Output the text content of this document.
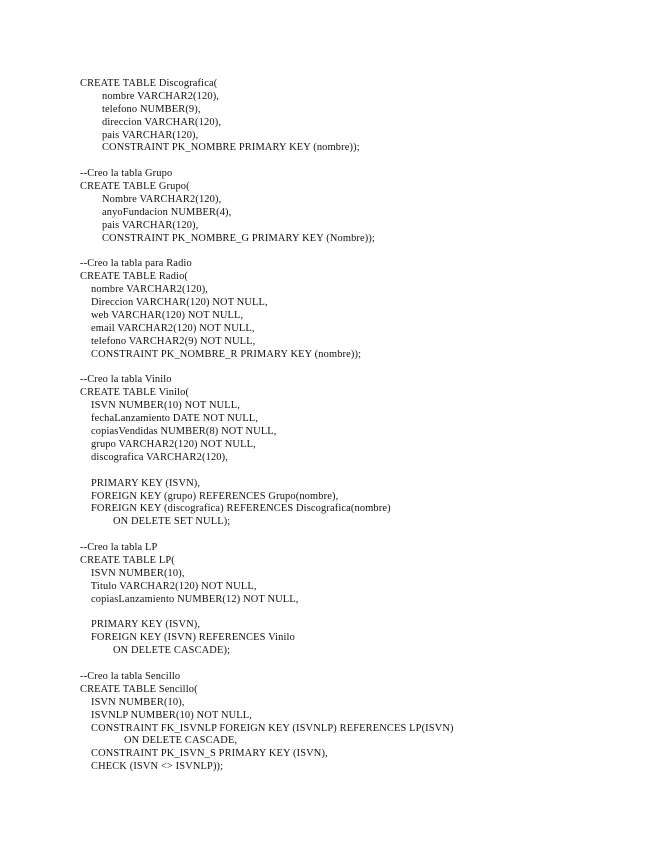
CREATE TABLE Discografica(
nombre VARCHAR2(120),
telefono NUMBER(9),
direccion VARCHAR(120),
pais VARCHAR(120),
CONSTRAINT PK_NOMBRE PRIMARY KEY (nombre));
--Creo la tabla Grupo
CREATE TABLE Grupo(
Nombre VARCHAR2(120),
anyoFundacion NUMBER(4),
pais VARCHAR(120),
CONSTRAINT PK_NOMBRE_G PRIMARY KEY (Nombre));
--Creo la tabla para Radio
CREATE TABLE Radio(
nombre VARCHAR2(120),
Direccion VARCHAR(120) NOT NULL,
web VARCHAR(120) NOT NULL,
email VARCHAR2(120) NOT NULL,
telefono VARCHAR2(9) NOT NULL,
CONSTRAINT PK_NOMBRE_R PRIMARY KEY (nombre));
--Creo la tabla Vinilo
CREATE TABLE Vinilo(
ISVN NUMBER(10) NOT NULL,
fechaLanzamiento DATE NOT NULL,
copiasVendidas NUMBER(8) NOT NULL,
grupo VARCHAR2(120) NOT NULL,
discografica VARCHAR2(120),
PRIMARY KEY (ISVN),
FOREIGN KEY (grupo) REFERENCES Grupo(nombre),
FOREIGN KEY (discografica) REFERENCES Discografica(nombre)
ON DELETE SET NULL);
--Creo la tabla LP
CREATE TABLE LP(
ISVN NUMBER(10),
Titulo VARCHAR2(120) NOT NULL,
copiasLanzamiento NUMBER(12) NOT NULL,
PRIMARY KEY (ISVN),
FOREIGN KEY (ISVN) REFERENCES Vinilo
ON DELETE CASCADE);
--Creo la tabla Sencillo
CREATE TABLE Sencillo(
ISVN NUMBER(10),
ISVNLP NUMBER(10) NOT NULL,
CONSTRAINT FK_ISVNLP FOREIGN KEY (ISVNLP) REFERENCES LP(ISVN)
ON DELETE CASCADE,
CONSTRAINT PK_ISVN_S PRIMARY KEY (ISVN),
CHECK (ISVN <> ISVNLP));
